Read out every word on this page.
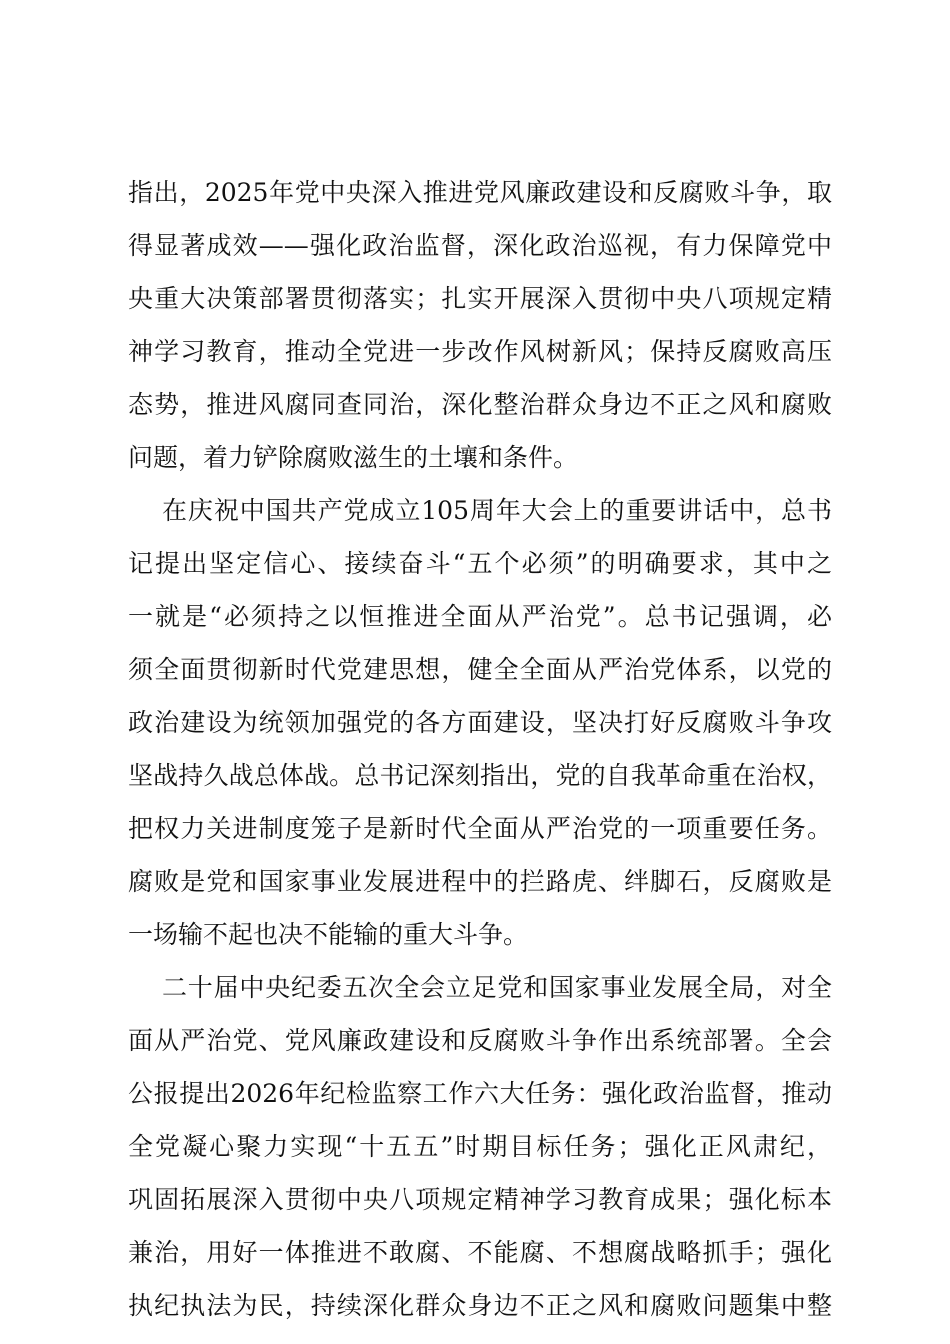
指出，2025年党中央深入推进党风廉政建设和反腐败斗争，取
得显著成效——强化政治监督，深化政治巡视，有力保障党中
央重大决策部署贯彻落实；扎实开展深入贯彻中央八项规定精
神学习教育，推动全党进一步改作风树新风；保持反腐败高压
态势，推进风腐同查同治，深化整治群众身边不正之风和腐败
问题，着力铲除腐败滋生的土壤和条件。
在庆祝中国共产党成立105周年大会上的重要讲话中，总书
记提出坚定信心、接续奋斗“五个必须”的明确要求，其中之
一就是“必须持之以恒推进全面从严治党”。总书记强调，必
须全面贯彻新时代党建思想，健全全面从严治党体系，以党的
政治建设为统领加强党的各方面建设，坚决打好反腐败斗争攻
坚战持久战总体战。总书记深刻指出，党的自我革命重在治权，
把权力关进制度笼子是新时代全面从严治党的一项重要任务。
腐败是党和国家事业发展进程中的拦路虎、绊脚石，反腐败是
一场输不起也决不能输的重大斗争。
二十届中央纪委五次全会立足党和国家事业发展全局，对全
面从严治党、党风廉政建设和反腐败斗争作出系统部署。全会
公报提出2026年纪检监察工作六大任务：强化政治监督，推动
全党凝心聚力实现“十五五”时期目标任务；强化正风肃纪，
巩固拓展深入贯彻中央八项规定精神学习教育成果；强化标本
兼治，用好一体推进不敢腐、不能腐、不想腐战略抓手；强化
执纪执法为民，持续深化群众身边不正之风和腐败问题集中整
